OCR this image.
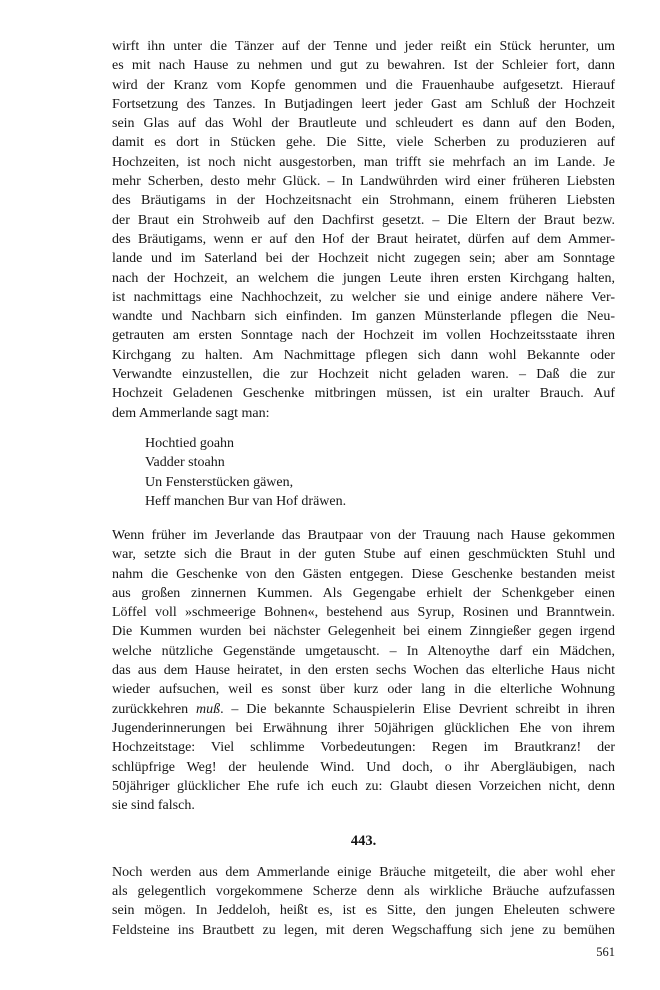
wirft ihn unter die Tänzer auf der Tenne und jeder reißt ein Stück herunter, um
es mit nach Hause zu nehmen und gut zu bewahren. Ist der Schleier fort, dann
wird der Kranz vom Kopfe genommen und die Frauenhaube aufgesetzt. Hierauf
Fortsetzung des Tanzes. In Butjadingen leert jeder Gast am Schluß der Hochzeit
sein Glas auf das Wohl der Brautleute und schleudert es dann auf den Boden,
damit es dort in Stücken gehe. Die Sitte, viele Scherben zu produzieren auf
Hochzeiten, ist noch nicht ausgestorben, man trifft sie mehrfach an im Lande. Je
mehr Scherben, desto mehr Glück. – In Landwührden wird einer früheren Liebsten
des Bräutigams in der Hochzeitsnacht ein Strohmann, einem früheren Liebsten
der Braut ein Strohweib auf den Dachfirst gesetzt. – Die Eltern der Braut bezw.
des Bräutigams, wenn er auf den Hof der Braut heiratet, dürfen auf dem Ammer-
lande und im Saterland bei der Hochzeit nicht zugegen sein; aber am Sonntage
nach der Hochzeit, an welchem die jungen Leute ihren ersten Kirchgang halten,
ist nachmittags eine Nachhochzeit, zu welcher sie und einige andere nähere Ver-
wandte und Nachbarn sich einfinden. Im ganzen Münsterlande pflegen die Neu-
getrauten am ersten Sonntage nach der Hochzeit im vollen Hochzeitsstaate ihren
Kirchgang zu halten. Am Nachmittage pflegen sich dann wohl Bekannte oder
Verwandte einzustellen, die zur Hochzeit nicht geladen waren. – Daß die zur
Hochzeit Geladenen Geschenke mitbringen müssen, ist ein uralter Brauch. Auf
dem Ammerlande sagt man:
Hochtied goahn
Vadder stoahn
Un Fensterstücken gäwen,
Heff manchen Bur van Hof dräwen.
Wenn früher im Jeverlande das Brautpaar von der Trauung nach Hause gekommen
war, setzte sich die Braut in der guten Stube auf einen geschmückten Stuhl und
nahm die Geschenke von den Gästen entgegen. Diese Geschenke bestanden meist
aus großen zinnernen Kummen. Als Gegengabe erhielt der Schenkgeber einen
Löffel voll »schmeerige Bohnen«, bestehend aus Syrup, Rosinen und Branntwein.
Die Kummen wurden bei nächster Gelegenheit bei einem Zinngießer gegen irgend
welche nützliche Gegenstände umgetauscht. – In Altenoythe darf ein Mädchen,
das aus dem Hause heiratet, in den ersten sechs Wochen das elterliche Haus nicht
wieder aufsuchen, weil es sonst über kurz oder lang in die elterliche Wohnung
zurückkehren muß. – Die bekannte Schauspielerin Elise Devrient schreibt in ihren
Jugenderinnerungen bei Erwähnung ihrer 50jährigen glücklichen Ehe von ihrem
Hochzeitstage: Viel schlimme Vorbedeutungen: Regen im Brautkranz! der
schlüpfrige Weg! der heulende Wind. Und doch, o ihr Abergläubigen, nach
50jähriger glücklicher Ehe rufe ich euch zu: Glaubt diesen Vorzeichen nicht, denn
sie sind falsch.
443.
Noch werden aus dem Ammerlande einige Bräuche mitgeteilt, die aber wohl eher
als gelegentlich vorgekommene Scherze denn als wirkliche Bräuche aufzufassen
sein mögen. In Jeddeloh, heißt es, ist es Sitte, den jungen Eheleuten schwere
Feldsteine ins Brautbett zu legen, mit deren Wegschaffung sich jene zu bemühen
561
